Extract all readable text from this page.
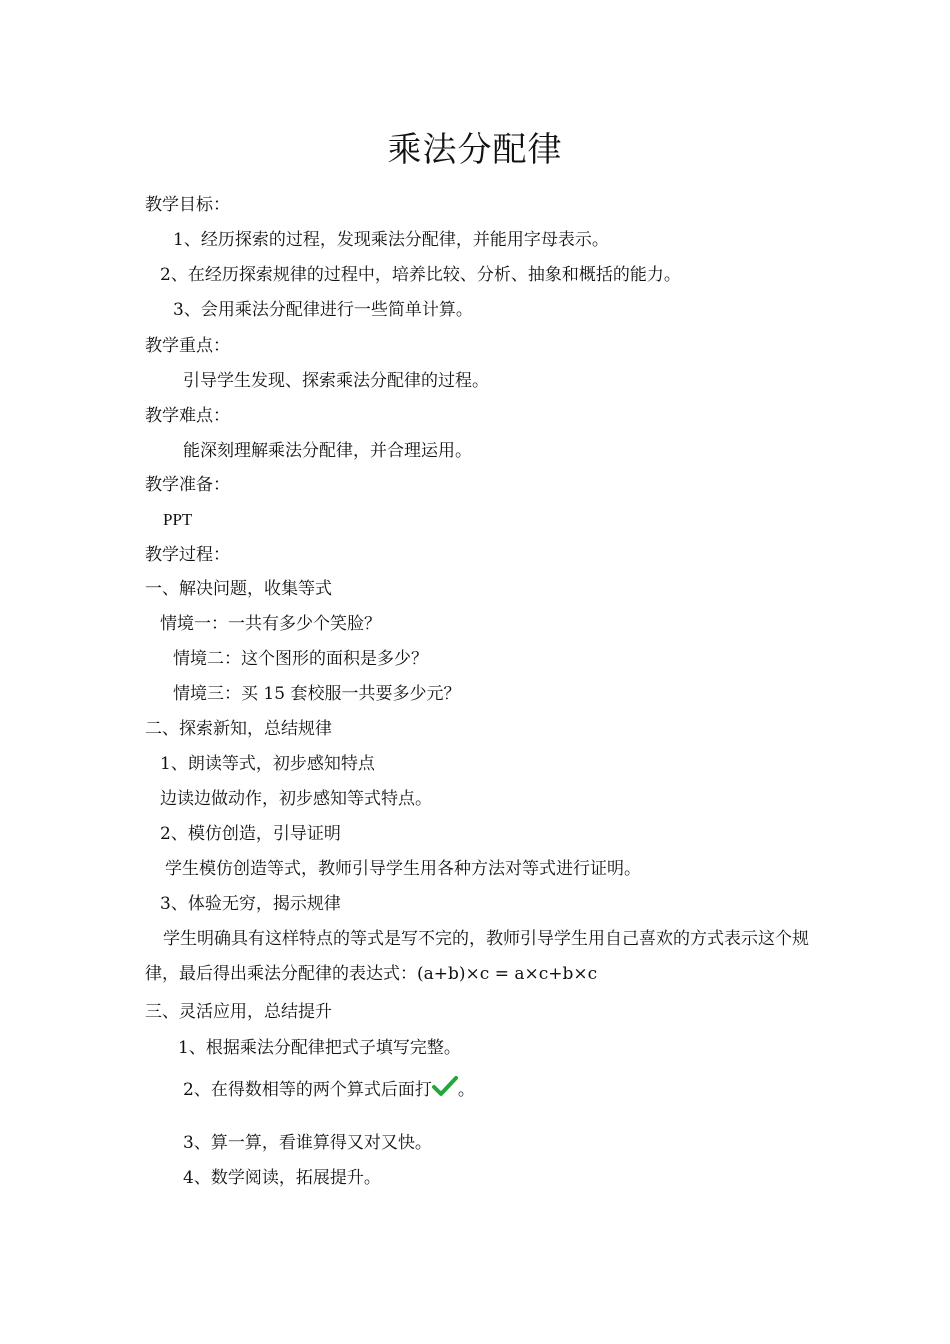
乘法分配律
教学目标：
1、经历探索的过程，发现乘法分配律，并能用字母表示。
2、在经历探索规律的过程中，培养比较、分析、抽象和概括的能力。
3、会用乘法分配律进行一些简单计算。
教学重点：
引导学生发现、探索乘法分配律的过程。
教学难点：
能深刻理解乘法分配律，并合理运用。
教学准备：
PPT
教学过程：
一、解决问题，收集等式
情境一：一共有多少个笑脸？
情境二：这个图形的面积是多少？
情境三：买 15 套校服一共要多少元？
二、探索新知，总结规律
1、朗读等式，初步感知特点
边读边做动作，初步感知等式特点。
2、模仿创造，引导证明
学生模仿创造等式，教师引导学生用各种方法对等式进行证明。
3、体验无穷，揭示规律
学生明确具有这样特点的等式是写不完的，教师引导学生用自己喜欢的方式表示这个规律，最后得出乘法分配律的表达式：(a+b)×c = a×c+b×c
三、灵活应用，总结提升
1、根据乘法分配律把式子填写完整。
2、在得数相等的两个算式后面打 。
3、算一算，看谁算得又对又快。
4、数学阅读，拓展提升。
